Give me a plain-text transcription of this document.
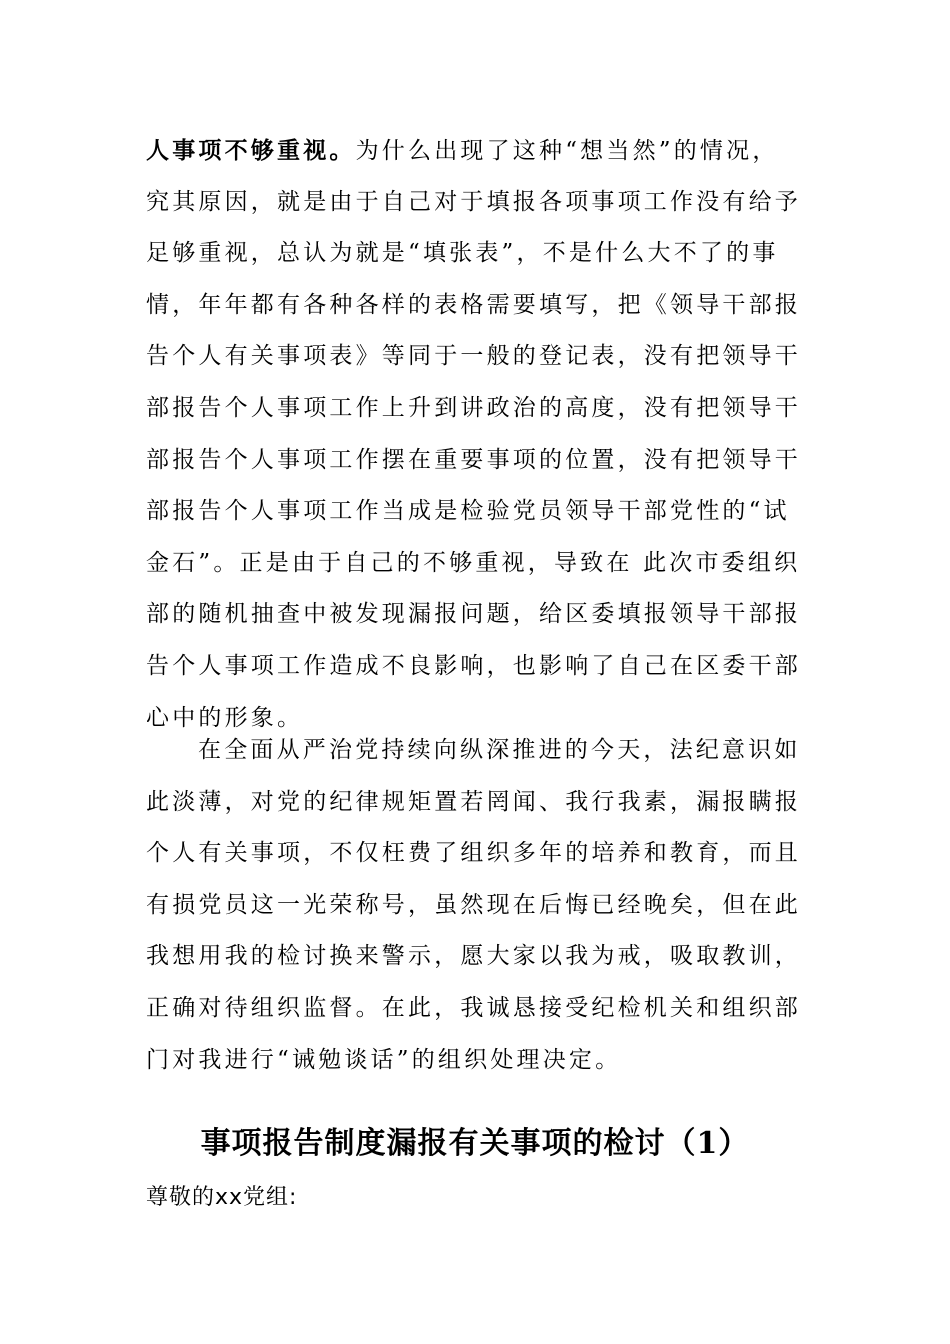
人事项不够重视。为什么出现了这种“想当然”的情况，
究其原因，就是由于自己对于填报各项事项工作没有给予
足够重视，总认为就是“填张表”，不是什么大不了的事
情，年年都有各种各样的表格需要填写，把《领导干部报
告个人有关事项表》等同于一般的登记表，没有把领导干
部报告个人事项工作上升到讲政治的高度，没有把领导干
部报告个人事项工作摆在重要事项的位置，没有把领导干
部报告个人事项工作当成是检验党员领导干部党性的“试
金石”。正是由于自己的不够重视，导致在 此次市委组织
部的随机抽查中被发现漏报问题，给区委填报领导干部报
告个人事项工作造成不良影响，也影响了自己在区委干部
心中的形象。
在全面从严治党持续向纵深推进的今天，法纪意识如
此淡薄，对党的纪律规矩置若罔闻、我行我素，漏报瞒报
个人有关事项，不仅枉费了组织多年的培养和教育，而且
有损党员这一光荣称号，虽然现在后悔已经晚矣，但在此
我想用我的检讨换来警示，愿大家以我为戒，吸取教训，
正确对待组织监督。在此，我诚恳接受纪检机关和组织部
门对我进行“诫勉谈话”的组织处理决定。
事项报告制度漏报有关事项的检讨（1）

尊敬的xx党组:
